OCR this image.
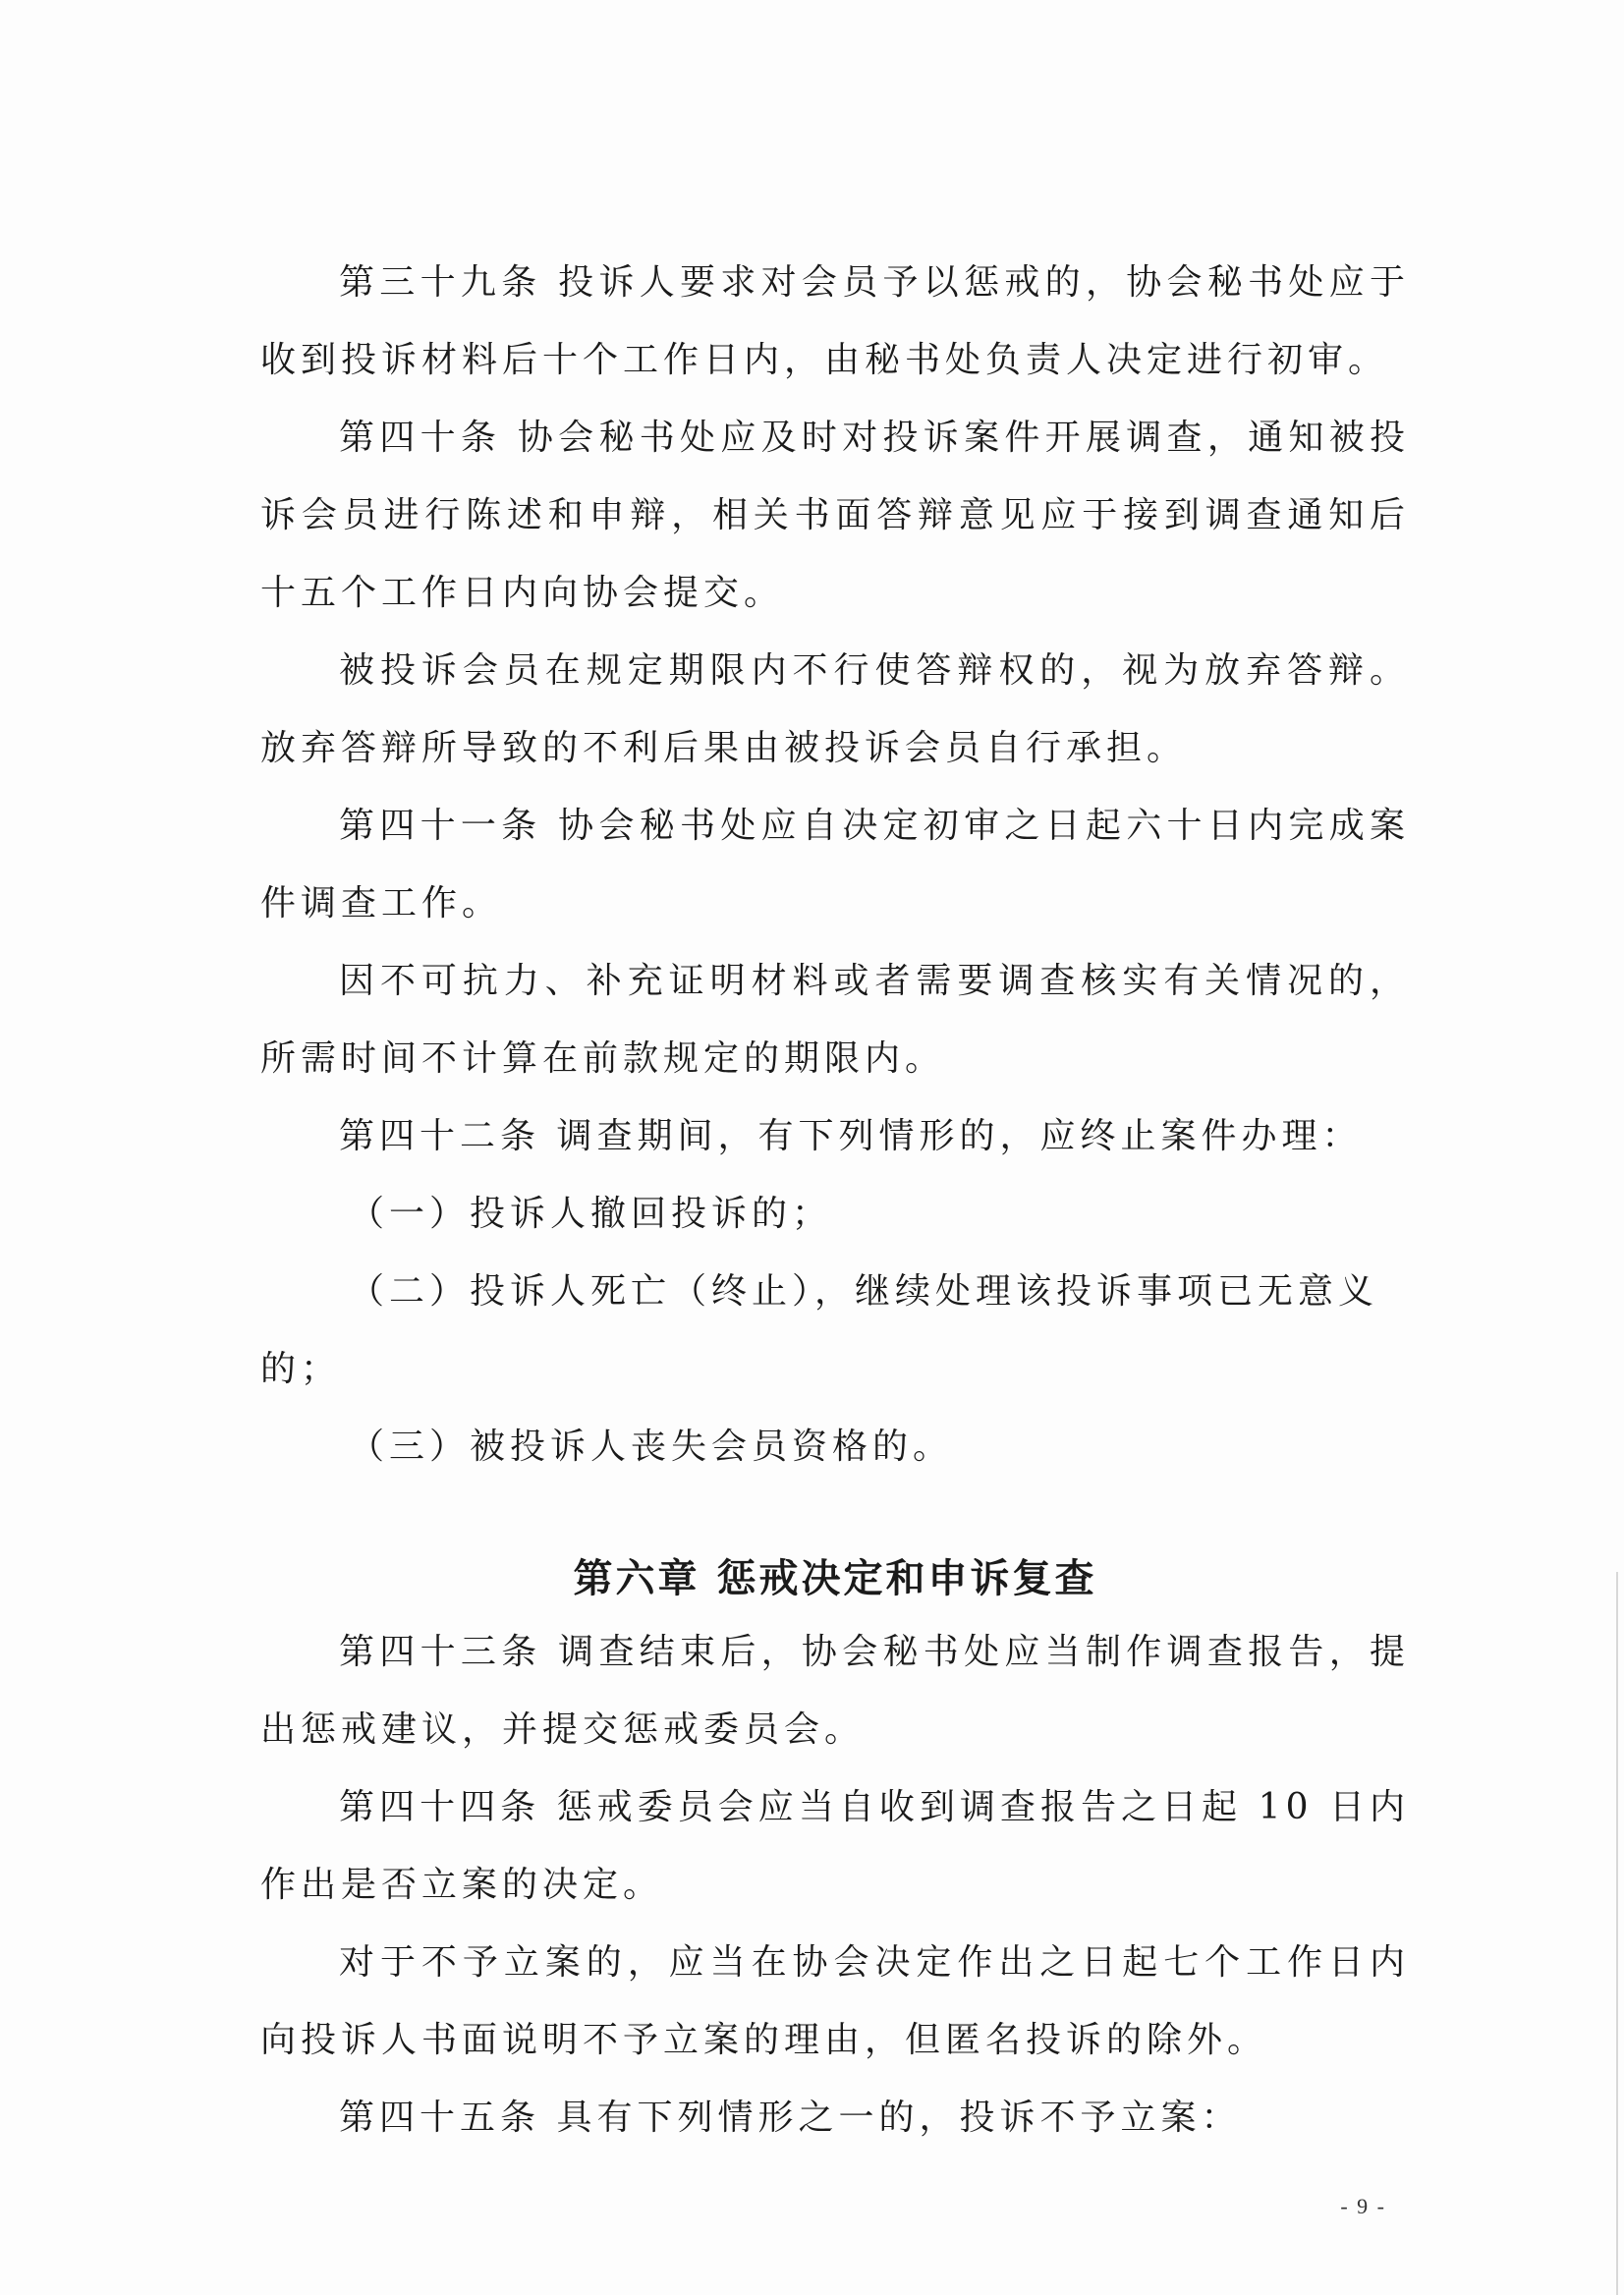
第三十九条 投诉人要求对会员予以惩戒的，协会秘书处应于收到投诉材料后十个工作日内，由秘书处负责人决定进行初审。

第四十条 协会秘书处应及时对投诉案件开展调查，通知被投诉会员进行陈述和申辩，相关书面答辩意见应于接到调查通知后十五个工作日内向协会提交。

被投诉会员在规定期限内不行使答辩权的，视为放弃答辩。放弃答辩所导致的不利后果由被投诉会员自行承担。

第四十一条 协会秘书处应自决定初审之日起六十日内完成案件调查工作。

因不可抗力、补充证明材料或者需要调查核实有关情况的，所需时间不计算在前款规定的期限内。

第四十二条 调查期间，有下列情形的，应终止案件办理：

（一）投诉人撤回投诉的；

（二）投诉人死亡（终止），继续处理该投诉事项已无意义的；

（三）被投诉人丧失会员资格的。

第六章 惩戒决定和申诉复查

第四十三条 调查结束后，协会秘书处应当制作调查报告，提出惩戒建议，并提交惩戒委员会。

第四十四条 惩戒委员会应当自收到调查报告之日起 10 日内作出是否立案的决定。

对于不予立案的，应当在协会决定作出之日起七个工作日内向投诉人书面说明不予立案的理由，但匿名投诉的除外。

第四十五条 具有下列情形之一的，投诉不予立案：

- 9 -
